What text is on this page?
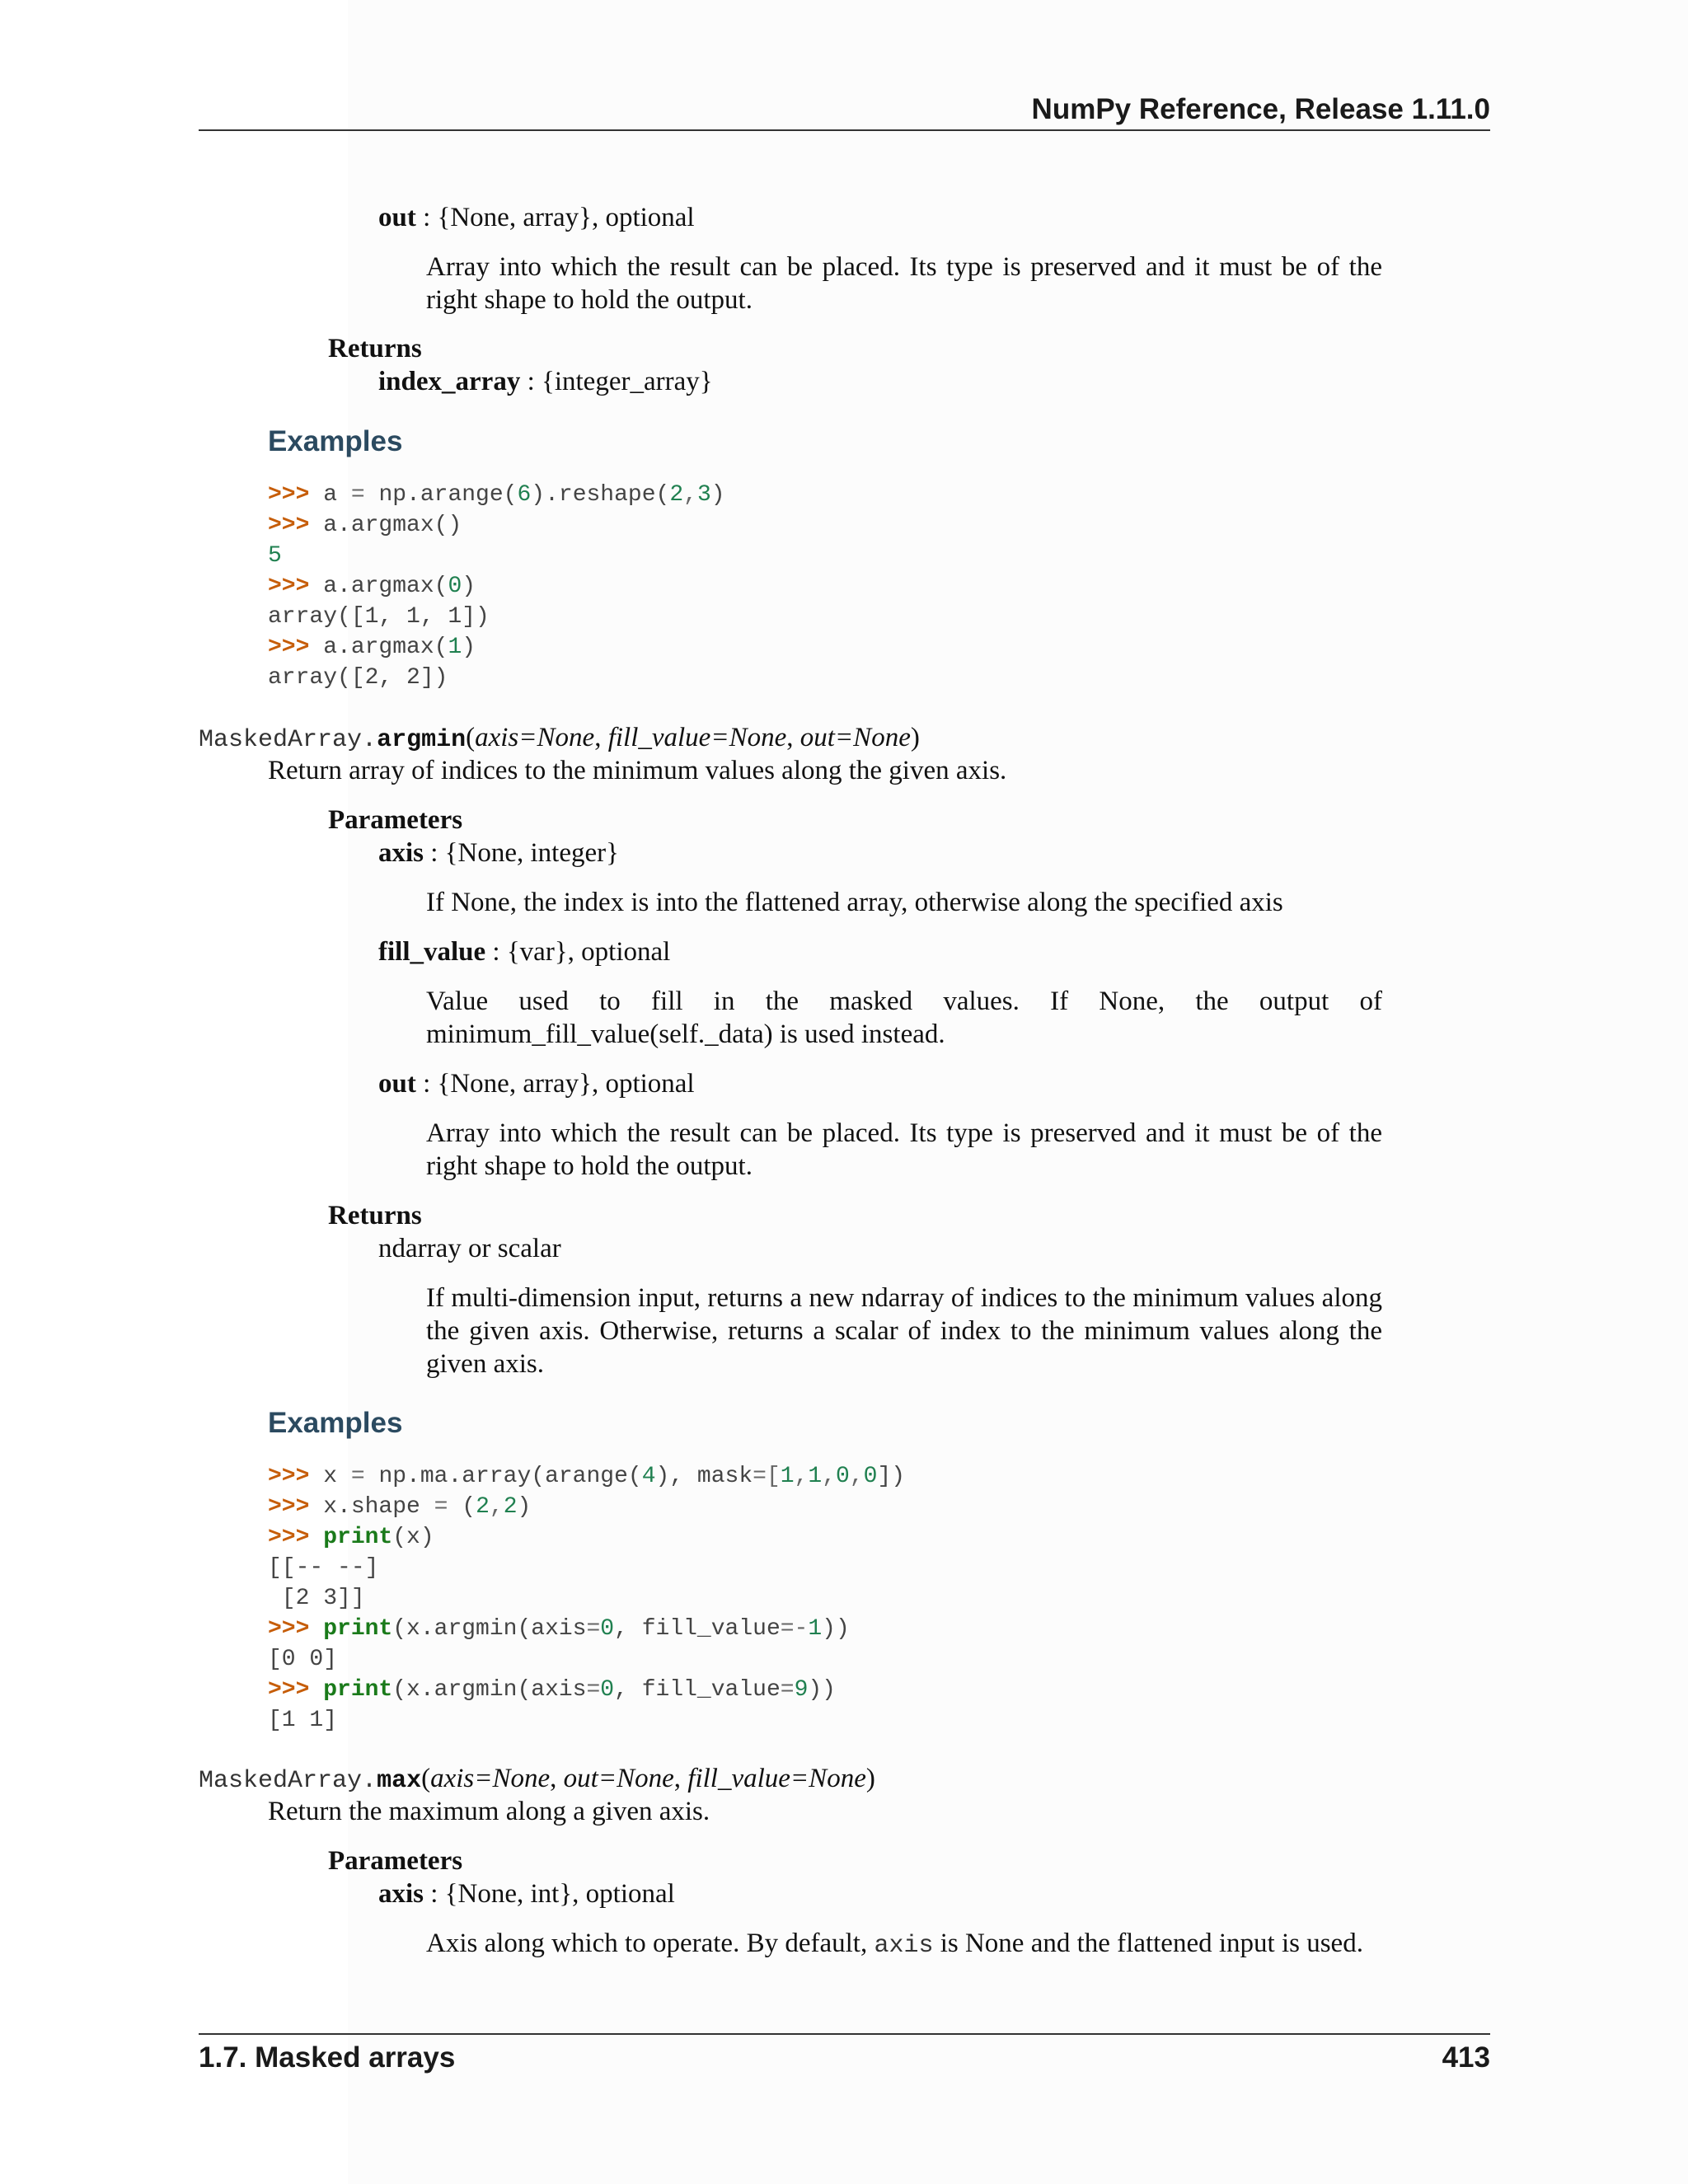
NumPy Reference, Release 1.11.0
out : {None, array}, optional
Array into which the result can be placed. Its type is preserved and it must be of the right shape to hold the output.
Returns
index_array : {integer_array}
Examples
>>> a = np.arange(6).reshape(2,3)
>>> a.argmax()
5
>>> a.argmax(0)
array([1, 1, 1])
>>> a.argmax(1)
array([2, 2])
MaskedArray.argmin(axis=None, fill_value=None, out=None)
Return array of indices to the minimum values along the given axis.
Parameters
axis : {None, integer}
If None, the index is into the flattened array, otherwise along the specified axis
fill_value : {var}, optional
Value used to fill in the masked values. If None, the output of minimum_fill_value(self._data) is used instead.
out : {None, array}, optional
Array into which the result can be placed. Its type is preserved and it must be of the right shape to hold the output.
Returns
ndarray or scalar
If multi-dimension input, returns a new ndarray of indices to the minimum values along the given axis. Otherwise, returns a scalar of index to the minimum values along the given axis.
Examples
>>> x = np.ma.array(arange(4), mask=[1,1,0,0])
>>> x.shape = (2,2)
>>> print(x)
[[-- --]
[2 3]]
>>> print(x.argmin(axis=0, fill_value=-1))
[0 0]
>>> print(x.argmin(axis=0, fill_value=9))
[1 1]
MaskedArray.max(axis=None, out=None, fill_value=None)
Return the maximum along a given axis.
Parameters
axis : {None, int}, optional
Axis along which to operate. By default, axis is None and the flattened input is used.
1.7. Masked arrays	413
